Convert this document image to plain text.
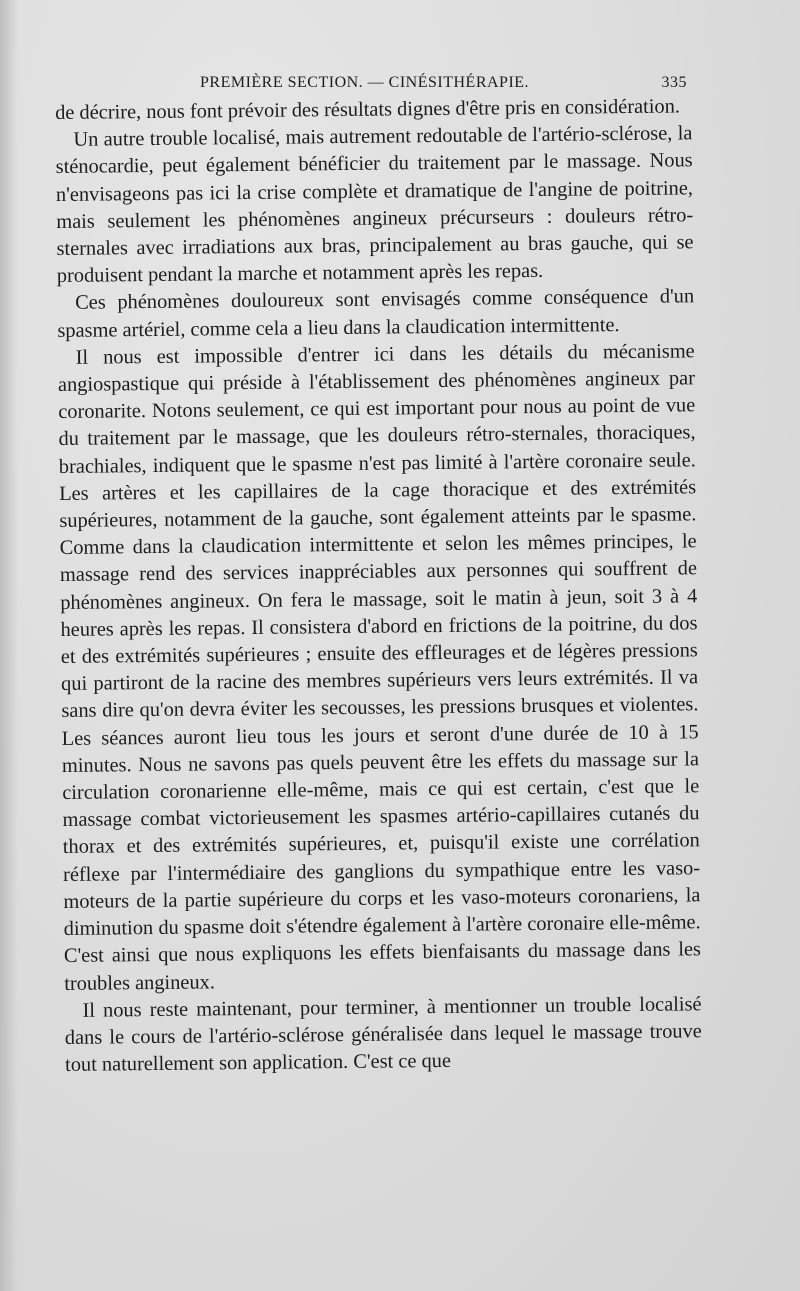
PREMIÈRE SECTION. — CINÉSITHÉRAPIE.	335

de décrire, nous font prévoir des résultats dignes d'être pris en considération.

Un autre trouble localisé, mais autrement redoutable de l'artério-sclérose, la sténocardie, peut également bénéficier du traitement par le massage. Nous n'envisageons pas ici la crise complète et dramatique de l'angine de poitrine, mais seulement les phénomènes angineux précurseurs : douleurs rétro-sternales avec irradiations aux bras, principalement au bras gauche, qui se produisent pendant la marche et notamment après les repas.

Ces phénomènes douloureux sont envisagés comme conséquence d'un spasme artériel, comme cela a lieu dans la claudication intermittente.

Il nous est impossible d'entrer ici dans les détails du mécanisme angiospastique qui préside à l'établissement des phénomènes angineux par coronarite. Notons seulement, ce qui est important pour nous au point de vue du traitement par le massage, que les douleurs rétro-sternales, thoraciques, brachiales, indiquent que le spasme n'est pas limité à l'artère coronaire seule. Les artères et les capillaires de la cage thoracique et des extrémités supérieures, notamment de la gauche, sont également atteints par le spasme. Comme dans la claudication intermittente et selon les mêmes principes, le massage rend des services inappréciables aux personnes qui souffrent de phénomènes angineux. On fera le massage, soit le matin à jeun, soit 3 à 4 heures après les repas. Il consistera d'abord en frictions de la poitrine, du dos et des extrémités supérieures ; ensuite des effleurages et de légères pressions qui partiront de la racine des membres supérieurs vers leurs extrémités. Il va sans dire qu'on devra éviter les secousses, les pressions brusques et violentes. Les séances auront lieu tous les jours et seront d'une durée de 10 à 15 minutes. Nous ne savons pas quels peuvent être les effets du massage sur la circulation coronarienne elle-même, mais ce qui est certain, c'est que le massage combat victorieusement les spasmes artério-capillaires cutanés du thorax et des extrémités supérieures, et, puisqu'il existe une corrélation réflexe par l'intermédiaire des ganglions du sympathique entre les vaso-moteurs de la partie supérieure du corps et les vaso-moteurs coronariens, la diminution du spasme doit s'étendre également à l'artère coronaire elle-même. C'est ainsi que nous expliquons les effets bienfaisants du massage dans les troubles angineux.

Il nous reste maintenant, pour terminer, à mentionner un trouble localisé dans le cours de l'artério-sclérose généralisée dans lequel le massage trouve tout naturellement son application. C'est ce que
